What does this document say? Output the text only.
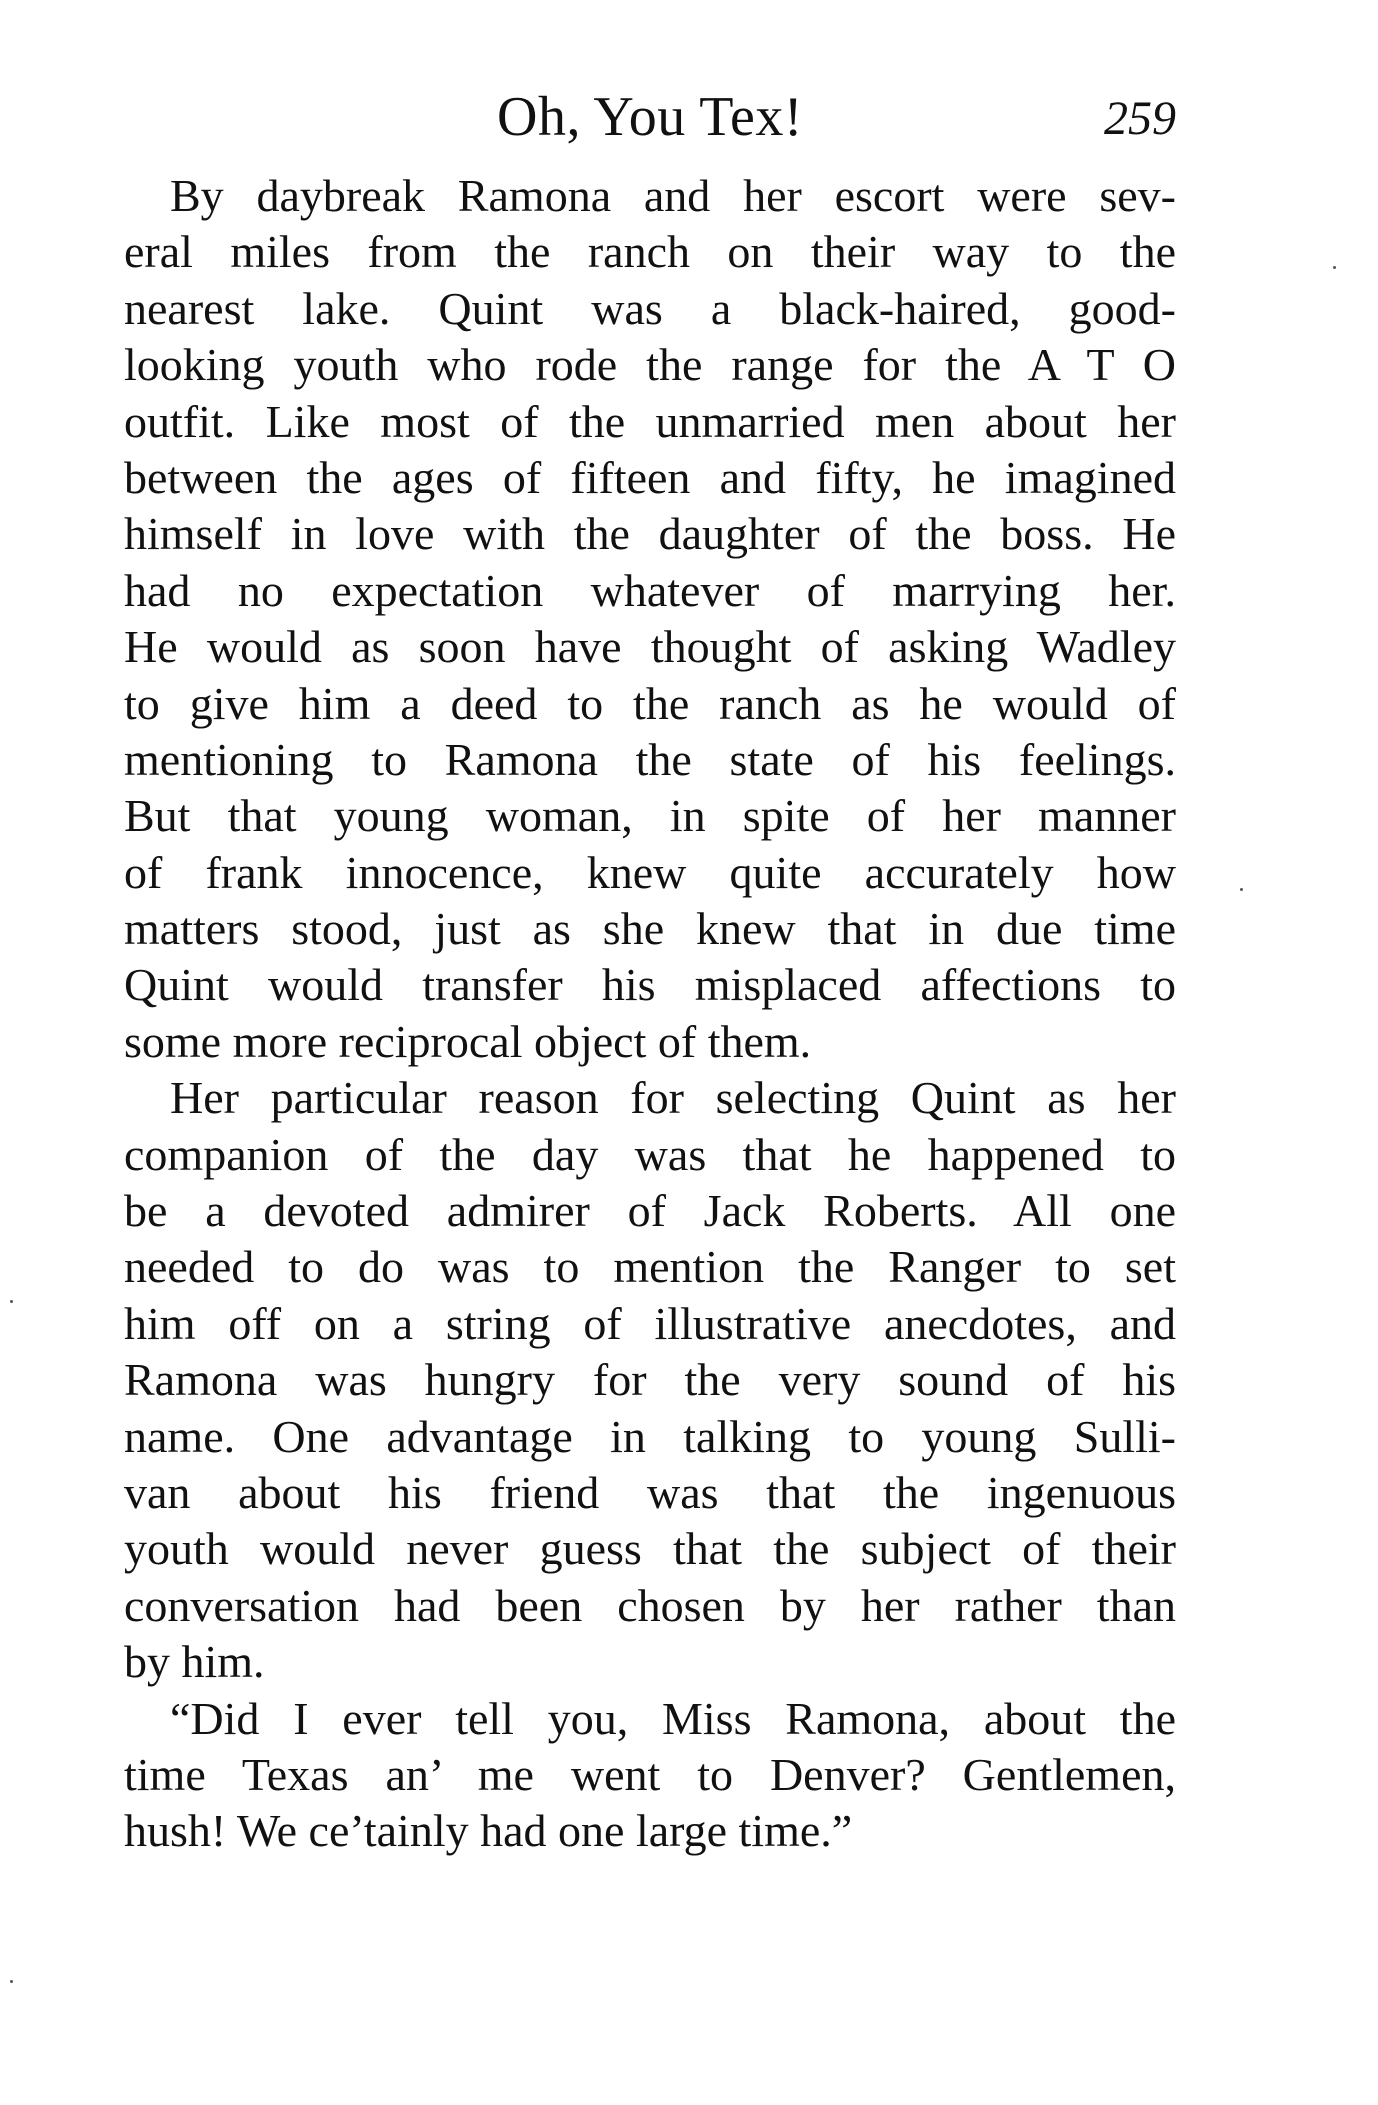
Oh, You Tex!	259

By daybreak Ramona and her escort were sev-
eral miles from the ranch on their way to the
nearest lake. Quint was a black-haired, good-
looking youth who rode the range for the A T O
outfit. Like most of the unmarried men about her
between the ages of fifteen and fifty, he imagined
himself in love with the daughter of the boss. He
had no expectation whatever of marrying her.
He would as soon have thought of asking Wadley
to give him a deed to the ranch as he would of
mentioning to Ramona the state of his feelings.
But that young woman, in spite of her manner
of frank innocence, knew quite accurately how
matters stood, just as she knew that in due time
Quint would transfer his misplaced affections to
some more reciprocal object of them.

Her particular reason for selecting Quint as her
companion of the day was that he happened to
be a devoted admirer of Jack Roberts. All one
needed to do was to mention the Ranger to set
him off on a string of illustrative anecdotes, and
Ramona was hungry for the very sound of his
name. One advantage in talking to young Sulli-
van about his friend was that the ingenuous
youth would never guess that the subject of their
conversation had been chosen by her rather than
by him.

“Did I ever tell you, Miss Ramona, about the
time Texas an’ me went to Denver? Gentlemen,
hush! We ce’tainly had one large time.”
